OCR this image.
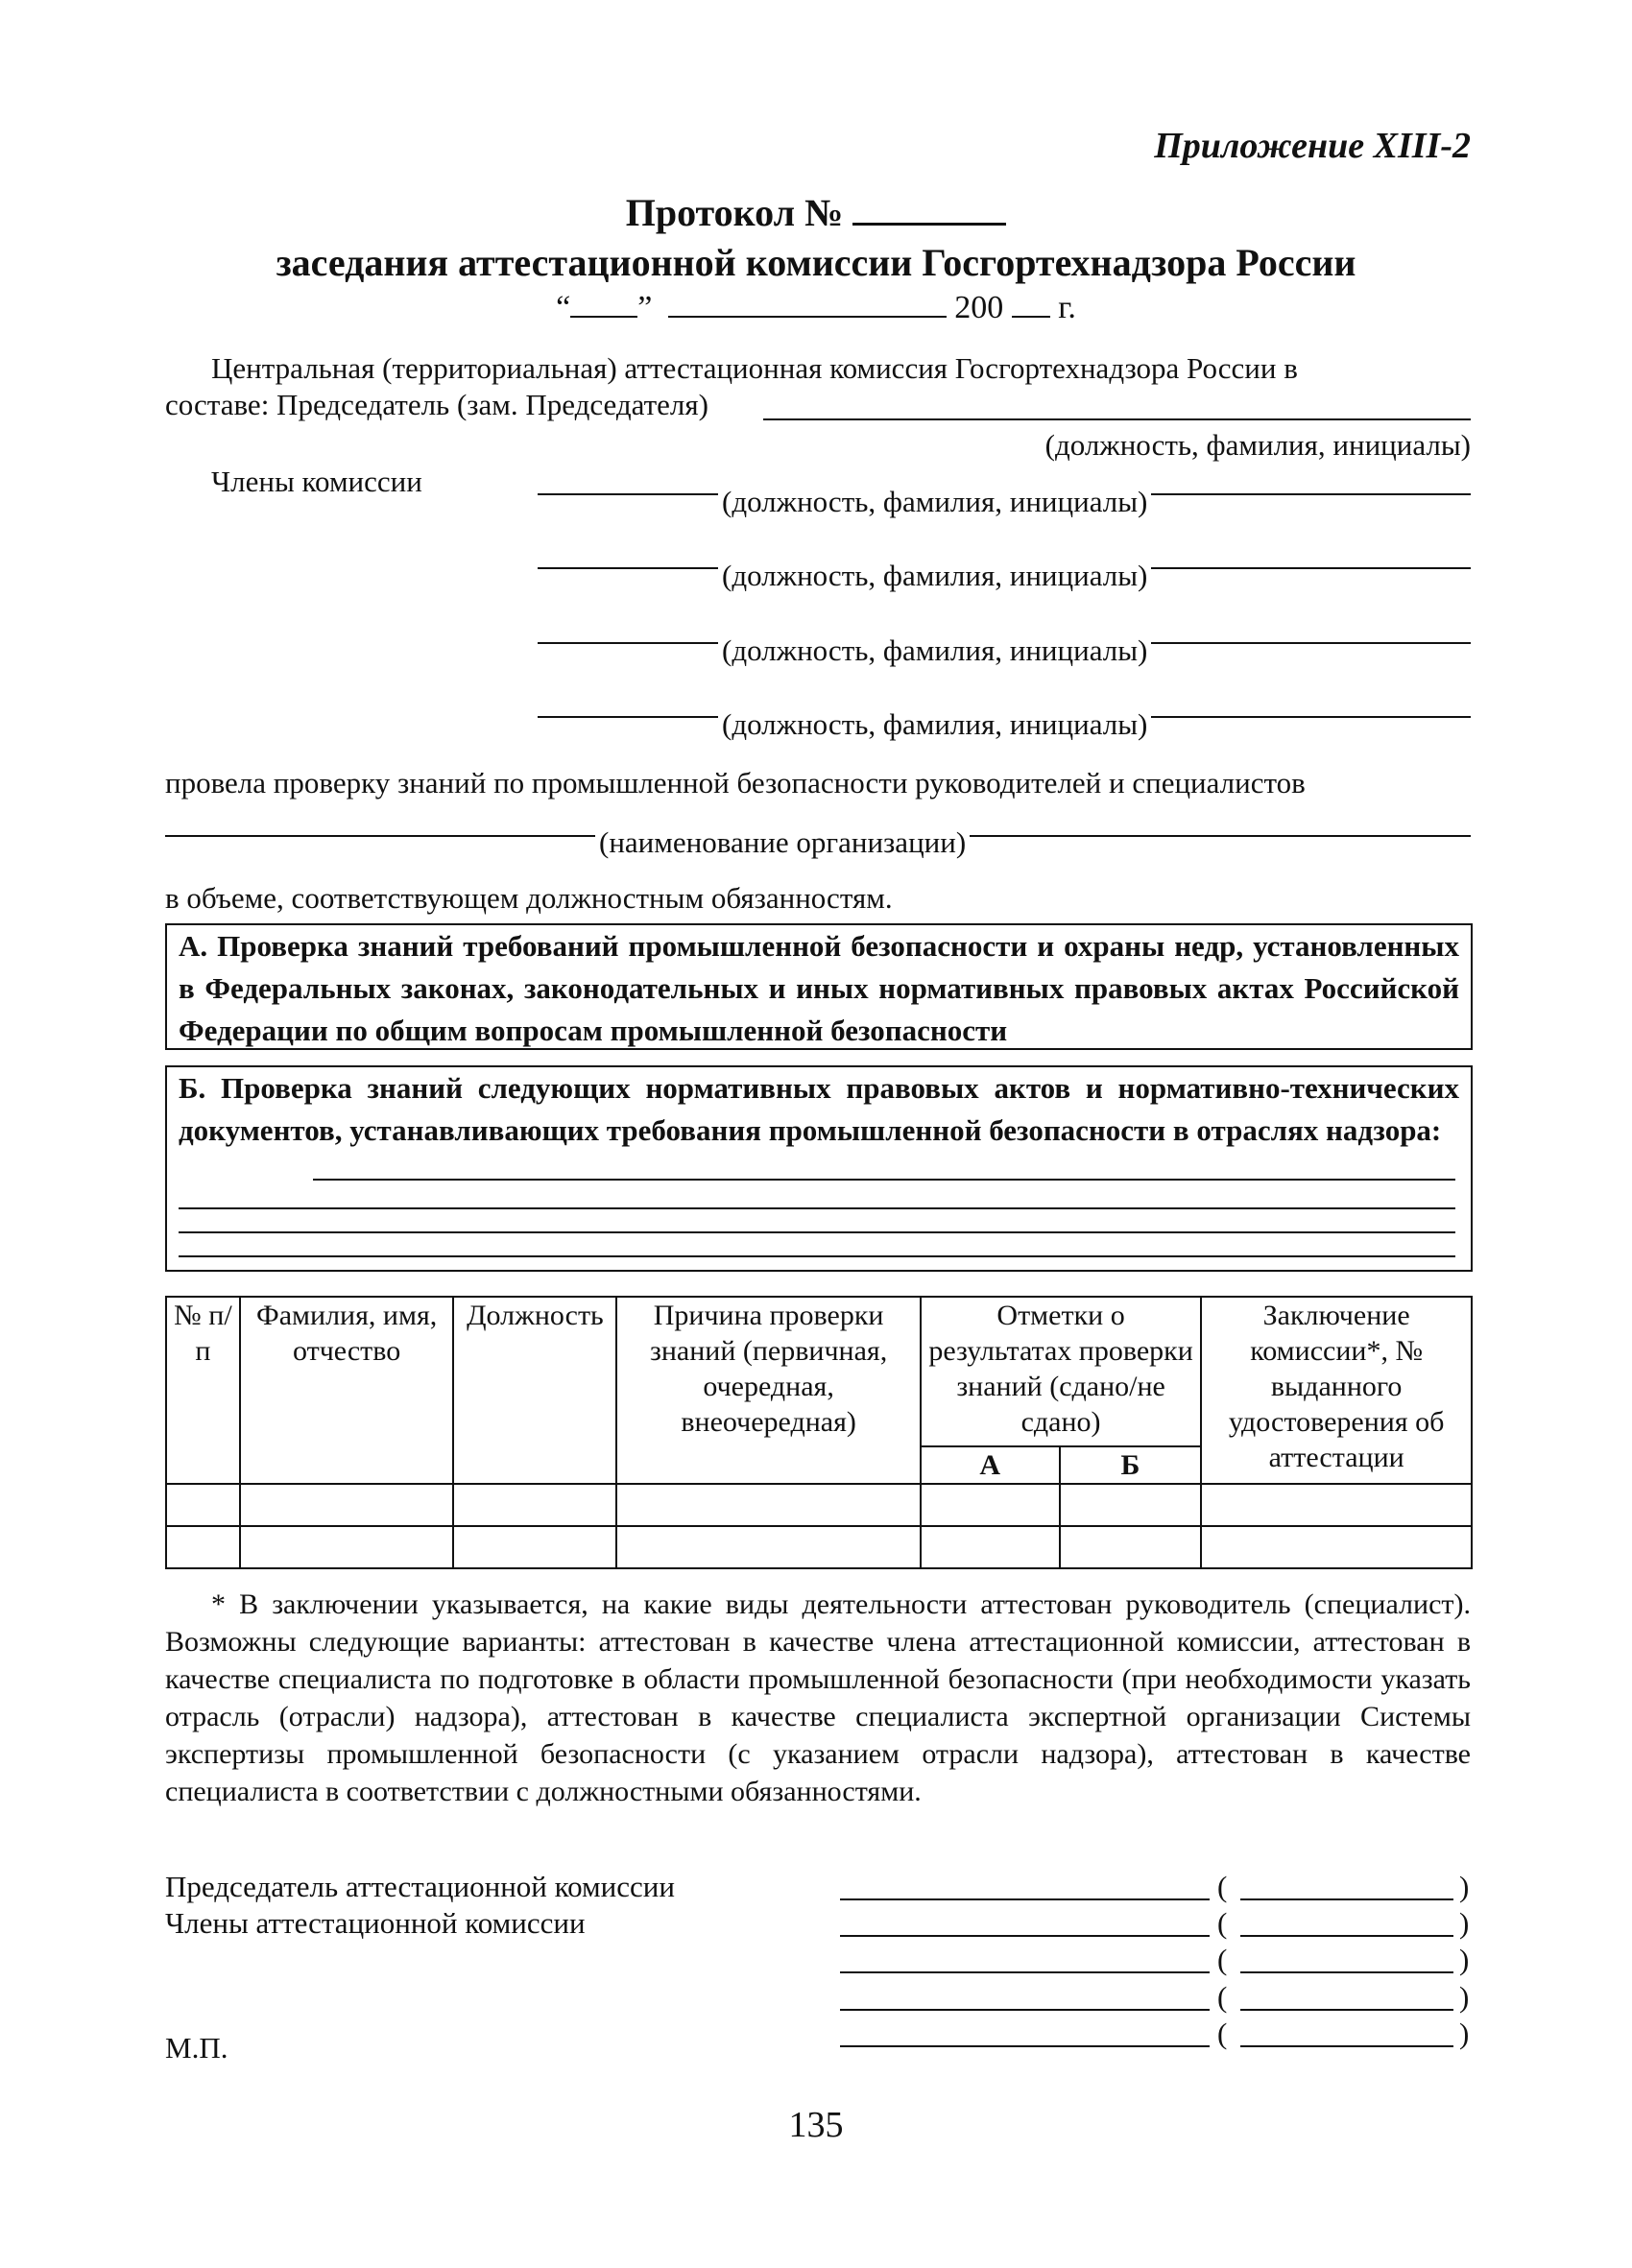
Приложение XIII-2
Протокол №
заседания аттестационной комиссии Госгортехнадзора России
“ ”	200 г.
Центральная (территориальная) аттестационная комиссия Госгортехнадзора России в
составе: Председатель (зам. Председателя)
(должность, фамилия, инициалы)
Члены комиссии
(должность, фамилия, инициалы)
(должность, фамилия, инициалы)
(должность, фамилия, инициалы)
(должность, фамилия, инициалы)
провела проверку знаний по промышленной безопасности руководителей и специалистов
(наименование организации)
в объеме, соответствующем должностным обязанностям.
А. Проверка знаний требований промышленной безопасности и охраны недр, установленных в Федеральных законах, законодательных и иных нормативных правовых актах Российской Федерации по общим вопросам промышленной безопасности
Б. Проверка знаний следующих нормативных правовых актов и нормативно-технических документов, устанавливающих требования промышленной безопасности в отраслях надзора:
№ п/п	Фамилия, имя, отчество	Должность	Причина проверки знаний (первичная, очередная, внеочередная)	Отметки о результатах проверки знаний (сдано/не сдано)		Заключение комиссии*, № выданного удостоверения об аттестации
				А	Б	

* В заключении указывается, на какие виды деятельности аттестован руководитель (специалист). Возможны следующие варианты: аттестован в качестве члена аттестационной комиссии, аттестован в качестве специалиста по подготовке в области промышленной безопасности (при необходимости указать отрасль (отрасли) надзора), аттестован в качестве специалиста экспертной организации Системы экспертизы промышленной безопасности (с указанием отрасли надзора), аттестован в качестве специалиста в соответствии с должностными обязанностями.
Председатель аттестационной комиссии
Члены аттестационной комиссии
М.П.
(	)
(	)
(	)
(	)
(	)
135
